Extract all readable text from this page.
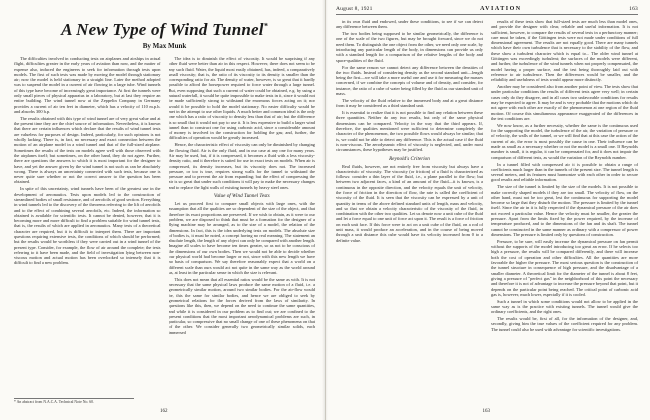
A New Type of Wind Tunnel*
By Max Munk

The difficulties involved in conducting tests on airplanes and airships in actual flight, difficulties greater in the early years of aviation than now, and the matter of expense also, induced the engineers to seek for information through tests upon models. The first of such tests was made by moving the model through stationary air; now the model is held stationary in a straight line. Later the method adopted was to suspend the model in a current of air flowing in a large tube. Wind tunnels of this type have become of increasingly great importance. At first the tunnels were only small pieces of physical apparatus in a laboratory, but at last they require an entire building. The wind tunnel now at the Zeppelin Company in Germany provides a current of air ten feet in diameter, which has a velocity of 110 m.p.h. and absorbs 300 h.p.

The results obtained with this type of wind tunnel are of very great value and at the present time they are the chief source of information. Nevertheless, it is known that there are certain influences which declare that the results of wind tunnel tests are valueless for purposes of design. Indeed, particularly, for such opinions is not wholly lacking. There is, in fact, no necessary and exact connection between the motion of an airplane model in a wind tunnel and that of the full-sized airplane. Sometimes the results of the tests on models agree well with those observed with the airplanes itself; but sometimes, on the other hand, they do not agree. Further, there are questions the answers to which it is most important for the designer to have, and yet the answer given by the wind tunnel is not such as can be absolutely wrong. There is always an uncertainty connected with such tests, because one is never quite sure whether or not the correct answer to the question has been obtained.

In spite of this uncertainty, wind tunnels have been of the greatest use in the development of aeronautics. Tests upon models led to the construction of streamlined bodies of small resistance, and of aerofoils of good section. Everything in wind tunnels led to the discovery of the theorems referring to the lift of aerofoils and to the effect of combining several aerofoils, etc. Indeed, the information so obtained is available for scientific tests. It cannot be denied, however, that it is becoming more and more difficult to find a problem suitable for wind tunnel tests, that is, the results of which are applied in aeronautics. Many tests of a theoretical character are required, but it is difficult to interpret them. There are important questions requiring extensive tests, the conditions of which should be performed; but the results would be worthless if they were carried out in a wind tunnel of the present type. Consider, for example, the flow of air around the complete; the tests referring to it have been made, and the field of investigation lying between non-viscous motion and actual motion has been overlooked so intensely that it is difficult to find a new problem.

The idea is to diminish the effect of viscosity. It would be surprising if any other fluid were better than air in this respect. However, there does not seem to be any such fluid. Water, the liquid most easily obtained, has, indeed, a comparatively small viscosity; that is, the ratio of its viscosity to its density is smaller than the corresponding ratio for air. The density of water, however, is so great that it hardly possible to afford the horsepower required to force water through a large tunnel. But, even supposing that such a current of water could be obtained, e.g. by using a natural waterfall, it would be quite impossible to make tests in it, since it would not be made sufficiently strong to withstand the enormous forces acting on it; nor would it be possible to hold the model stationary. No easier difficulty would be met in the attempt to use other liquids. A much better and common ideal is the only one which has a ratio of viscosity to density less than that of air; but the difference is so small that it would not pay to use it. It is less expensive to build a larger wind tunnel than to construct one for using carbonic acid, since a considerable amount of money is involved in the construction for holding the gas; and, further, the difficulties of operation would be greatly increased.

Hence, the characteristic effect of viscosity can only be diminished by changing the flowing fluid. Air is the only fluid, and in our case at any one for many years. Air may be used, but, if it is compressed, it becomes a fluid with a less viscosity-density ratio, and it therefore is suited for use in exact tests on models. When air is compressed, its density increases, but its viscosity does not. The increased pressure, or too is true, requires strong walls for the tunnel to withstand the pressure and to prevent the air from expanding; but the effect of compressing the air is so great that under such conditions it will pay to make the necessary changes and to replace the light walls of existing tunnels by heavy steel ones.

Value of Wind Tunnel Tests

Let us proceed first to compare small objects with large ones, with the assumption that all the qualities are so dependent of the size of the object, and that therefore its exact proportions are preserved. If we wish to obtain, as it were to our problem, we are disposed to think that must be a formation for the designer of a flying machine may be arranged, as to the size of a model, the relation of the dimensions. In fact, this is the idea underlying tests on models. The absolute size of bodies is, it must be noted, a concept having no real meaning. The statement an absolute length, the length of any object can only be compared with another length. Imagine all scales to have become ten times greater, so as not to be conscious of the dimensions of our own bodies. Then we would not be able to decide whether our physical world had become larger or not, since with this new length we have no basis of comparison. We say therefore reasonably expect that a world on a different scale than ours would act not quite in the same way as the world around us, at least in the particular sense in which the size is relevant.

This does not mean that all essential ratios would be the same as with. It is not necessary that the same physical laws produce the same motion of a fluid, i.e. a geometrically similar motion, around two similar bodies. For the air-flow would be, this the same for similar bodies, and hence we are obliged to seek by geometrical relations for the forces derived from the laws of similarity. In questions like this, then, we depend on the need to continue the same quantities, and while it is considered in our problem as to find out; we are confined to the present conditions that the most important aerodynamical problems are such, in particular, so compressive that no small change of one of these phenomena on that of the other. We consider generally two geometrically similar solids, each immersed

* An abstract from N.A.C.A. Technical Note No. 60.
162
August 8, 1921	AVIATION	163

in its own fluid and endowed, under these conditions, to see if we can detect any difference between them.

The two bodies being supposed to be similar geometrically, the difference is one of the scale of the two figures, but may be brought forward, since we do not need them. To distinguish the one object from the other, we need only one scale, by introducing any particular length of the body, in dimensions can provide us only with a standard length for a comparison of the relative lengths of the body and space-qualities of the fluid.

For the same reason we cannot detect any difference between the densities of the two fluids. Instead of considering density as the second standard unit—length being the first—we will take a more useful one and use it for measuring the masses concerned, if we combine the concepts of volume and of density, and consider, for instance, the ratio of a cube of water being filled by the fluid as our standard unit of mass.

The velocity of the fluid relative to the immersed body and at a great distance from it may be considered as a third standard unit.

It is essential to realize that it is not possible to find any relation between these three quantities. Neither do any two results, but only of the same physical dimensions can be compared. Velocity in the way that the third appears. If, therefore, the qualities mentioned were sufficient to determine completely the character of the phenomenon, the two possible flows would always be similar; that is, we could not be able to detect any difference. This is the actual case if the fluid is non-viscous. The aerodynamic effect of viscosity is neglected, and, under most circumstances, these hypotheses may be justified.

Reynold's Criterion

Real fluids, however, are not entirely free from viscosity but always have a characteristic of viscosity. The viscosity (or friction) of a fluid is characterized as follows: consider a thin layer of the fluid, i.e., a plane parallel to the flow; but between two adjacent faces, a kind of an amount of the fluid—it is known, is a continuous in the opposite direction, and the velocity equals the unit of velocity, the force of friction in the direction of flow, the rate is called the coefficient of viscosity of the fluid. It is seen that the viscosity can be expressed by a unit of quantity in terms of the above defined standard units of length, mass and velocity, and so that we obtain a velocity characteristic of the viscosity of the fluid, in combination with the other two qualities. Let us denote now a unit cube of the fluid and let a force equal to one unit of force act upon it. The result is a force of friction on each unit face. If this force were to act on a unit cube of the fluid, on a rod of unit mass, it would produce an acceleration, and in the course of being moved through a unit distance this cube would have its velocity increased from 0 to a definite value.

results of these tests show that full-sized tests are much less than model ones, and provide the designer with clear, reliable and useful information. It is not sufficient, however, to compare the results of several tests in a perfunctory manner; care must be taken, if the Göttingen tests were not made under conditions of full dimensional agreement. The results are not equally good. There are many tunnels which have their own turbulence that is necessary to the stability of the flow, and these show a turbulent character which is equal to... The older wind tunnel at Göttingen was exceedingly turbulent; the surfaces of the models were different, and further, the turbulence of the wind tunnels when not properly compensated, the model having a proper surface, and the test being thoroughly laid out with reference to air turbulence. Then the differences would be smaller, and the reliability and usefulness of tests would appear more distinctly.

Another may be considered also from another point of view. The tests show that under particular conditions the results of different tests agree very well; in certain cases only do they disagree, and in all cases two unfavorable conditions for results may be expected to agree. It may be and is very probable that the motions which do not agree with each other are exactly of the phenomenon at one region of the fluid motion. Of course this simultaneous appearance exaggerated of the differences in the test conditions are.

We now know, as a further necessity, whether the same is the continuous used for the supporting the model, the turbulence of the air, the variation of pressure or of velocity, the walls of the tunnel, or we will find that at this case the action of the current of air, the error is most possibly the cause in one. Their influence can be made as small as a necessary whether or not the model is a small one. If Reynolds number is small, it is regular, it can be compensated for, and it does not impair the comparison of different tests, as would the variation of the Reynolds number.

In a tunnel filled with compressed air it is possible to obtain a range of coefficients much larger than in the tunnels of the present size. The tunnel length is several meters, and its features must harmonize with each other in order to secure good results and reliable information.

The size of the tunnel is limited by the size of the models. It is not possible to make correctly shaped models if they are too small. The velocity of flow, on the other hand, must not be too great, lest the continuous for supporting the model become so large that they disturb the motion. The pressure is limited by the tunnel itself. Since the air in it is fully respected if the dynamical pressure of the air does not exceed a particular value. Hence the velocity must be smaller, the greater the pressure. Apart from the limits fixed by the power required, by the increase of temperature produced, and to the dimensions of the fan and its shaft. The tunnel cannot be constructed in the same manner as ordinary with a compressor of power dimensions. The pressure is limited only by questions of construction.

Pressure, to be sure, will easily increase the dynamical pressure on fan permit without the supports of the model introducing too great an error. If he selects too high a pressure, the results will be compared differently, and there will increase both the cost of operation and other difficulties. All the quantities are more favorable the higher the pressure. The most serious question is the construction of the tunnel structure in consequence of high pressure, and the disadvantage of a smaller diameter. A theoretical limit for the diameter of the tunnel is about 8 feet, giving a pressure of "perfect gas" in the neighborhood of this point the necessary and therefore it is not of advantage to increase the pressure beyond that point, but it depends on the particular point being reached. The critical point of carbonic acid gas is, however, much lower, especially if it is cooled.

Such a tunnel in which some conditions would not allow to be applied in the same way as is the practice with existing tunnels. The tunnel would give the ordinary coefficients, and the right ones.

The results would be, first of all, for the information of the designer, and, secondly, giving him the true values of the coefficient required for any problem. The tunnel could also be used with advantage for scientific investigations.

163
